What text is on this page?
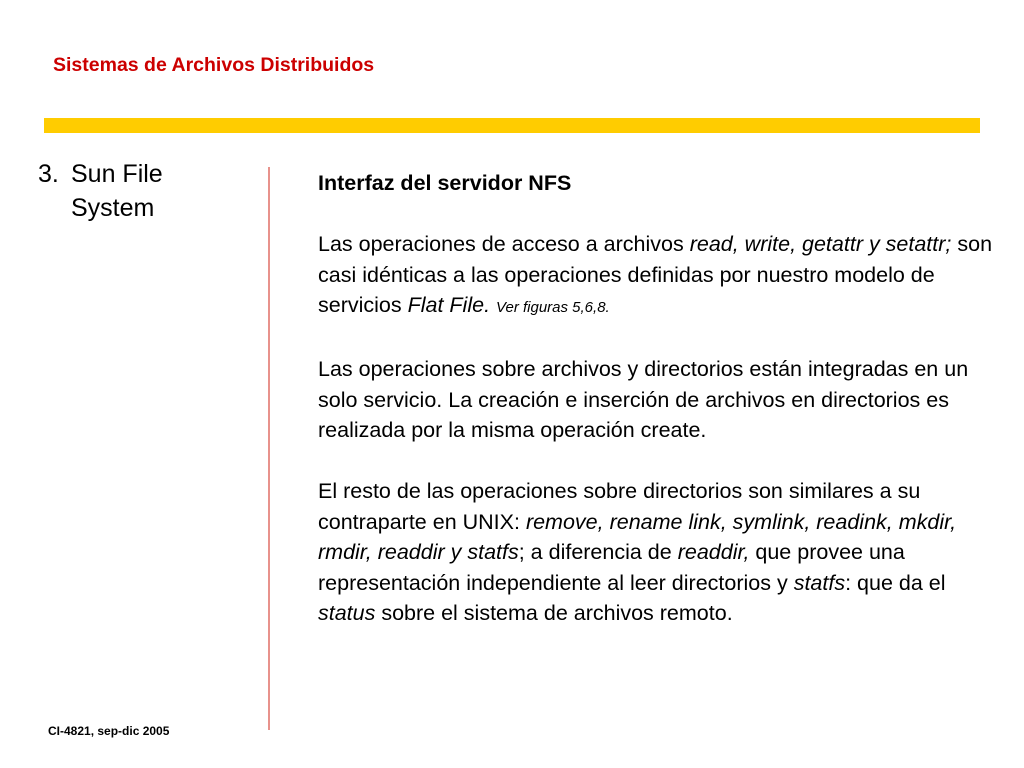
Sistemas de Archivos Distribuidos
3. Sun File
System
Interfaz del servidor NFS

Las operaciones de acceso a archivos read, write, getattr y setattr; son casi idénticas a las operaciones definidas por nuestro modelo de servicios Flat File. Ver figuras 5,6,8.

Las operaciones sobre archivos y directorios están integradas en un solo servicio. La creación e inserción de archivos en directorios es realizada por la misma operación create.

El resto de las operaciones sobre directorios son similares a su contraparte en UNIX: remove, rename link, symlink, readink, mkdir, rmdir, readdir y statfs; a diferencia de readdir, que provee una representación independiente al leer directorios y statfs: que da el status sobre el sistema de archivos remoto.

CI-4821, sep-dic 2005
